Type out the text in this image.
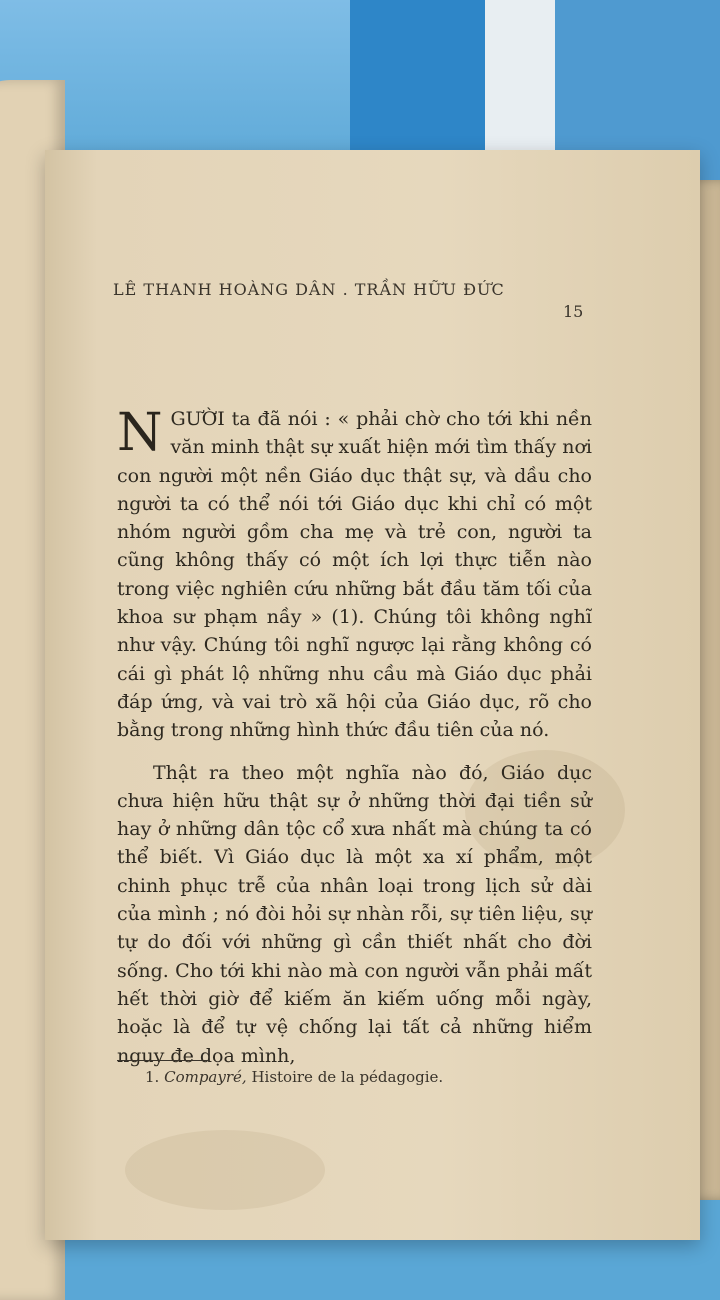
LÊ THANH HOÀNG DÂN . TRẦN HỮU ĐỨC
15

NGƯỜI ta đã nói : « phải chờ cho tới khi nền văn minh thật sự xuất hiện mới tìm thấy nơi con người một nền Giáo dục thật sự, và dầu cho người ta có thể nói tới Giáo dục khi chỉ có một nhóm người gồm cha mẹ và trẻ con, người ta cũng không thấy có một ích lợi thực tiễn nào trong việc nghiên cứu những bắt đầu tăm tối của khoa sư phạm nầy » (1). Chúng tôi không nghĩ như vậy. Chúng tôi nghĩ ngược lại rằng không có cái gì phát lộ những nhu cầu mà Giáo dục phải đáp ứng, và vai trò xã hội của Giáo dục, rõ cho bằng trong những hình thức đầu tiên của nó.

Thật ra theo một nghĩa nào đó, Giáo dục chưa hiện hữu thật sự ở những thời đại tiền sử hay ở những dân tộc cổ xưa nhất mà chúng ta có thể biết. Vì Giáo dục là một xa xí phẩm, một chinh phục trễ của nhân loại trong lịch sử dài của mình ; nó đòi hỏi sự nhàn rỗi, sự tiên liệu, sự tự do đối với những gì cần thiết nhất cho đời sống. Cho tới khi nào mà con người vẫn phải mất hết thời giờ để kiếm ăn kiếm uống mỗi ngày, hoặc là để tự vệ chống lại tất cả những hiểm nguy đe dọa mình,

1. Compayré, Histoire de la pédagogie.
